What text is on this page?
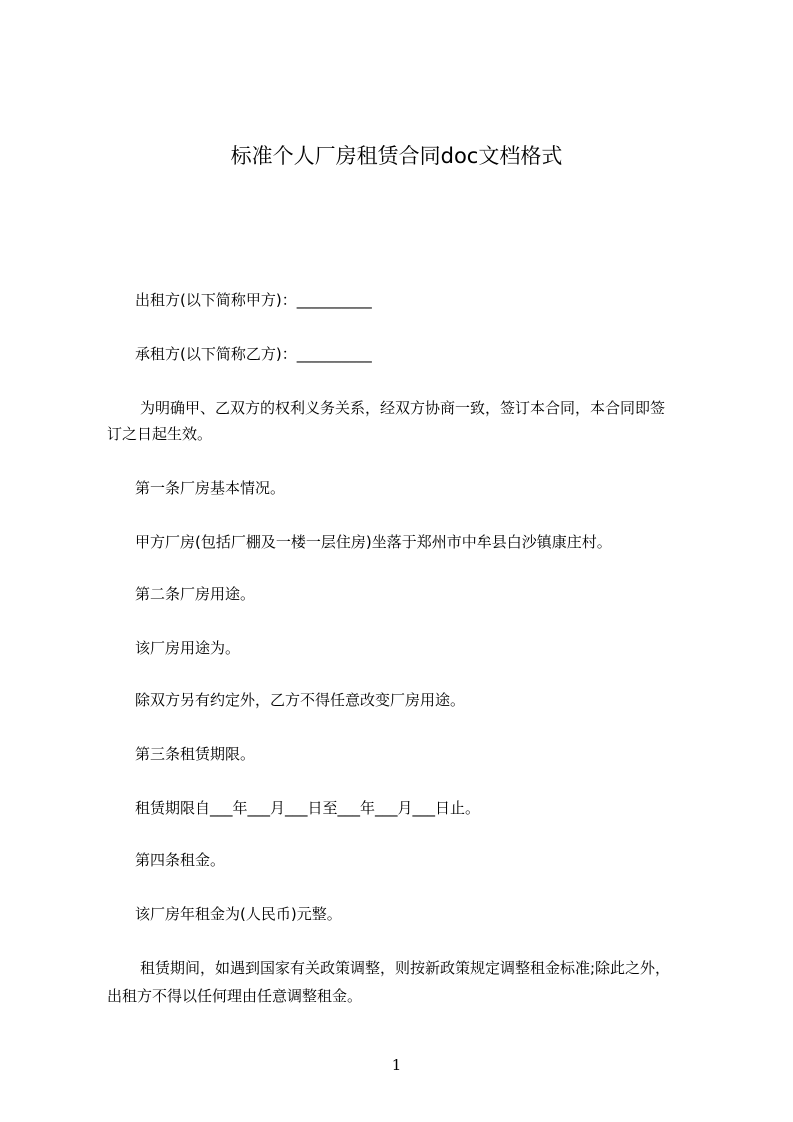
标准个人厂房租赁合同doc文档格式
出租方(以下简称甲方)：__________
承租方(以下简称乙方)：__________
为明确甲、乙双方的权利义务关系，经双方协商一致，签订本合同，本合同即签
订之日起生效。
第一条厂房基本情况。
甲方厂房(包括厂棚及一楼一层住房)坐落于郑州市中牟县白沙镇康庄村。
第二条厂房用途。
该厂房用途为。
除双方另有约定外，乙方不得任意改变厂房用途。
第三条租赁期限。
租赁期限自___年___月___日至___年___月___日止。
第四条租金。
该厂房年租金为(人民币)元整。
租赁期间，如遇到国家有关政策调整，则按新政策规定调整租金标准;除此之外，
出租方不得以任何理由任意调整租金。
1
